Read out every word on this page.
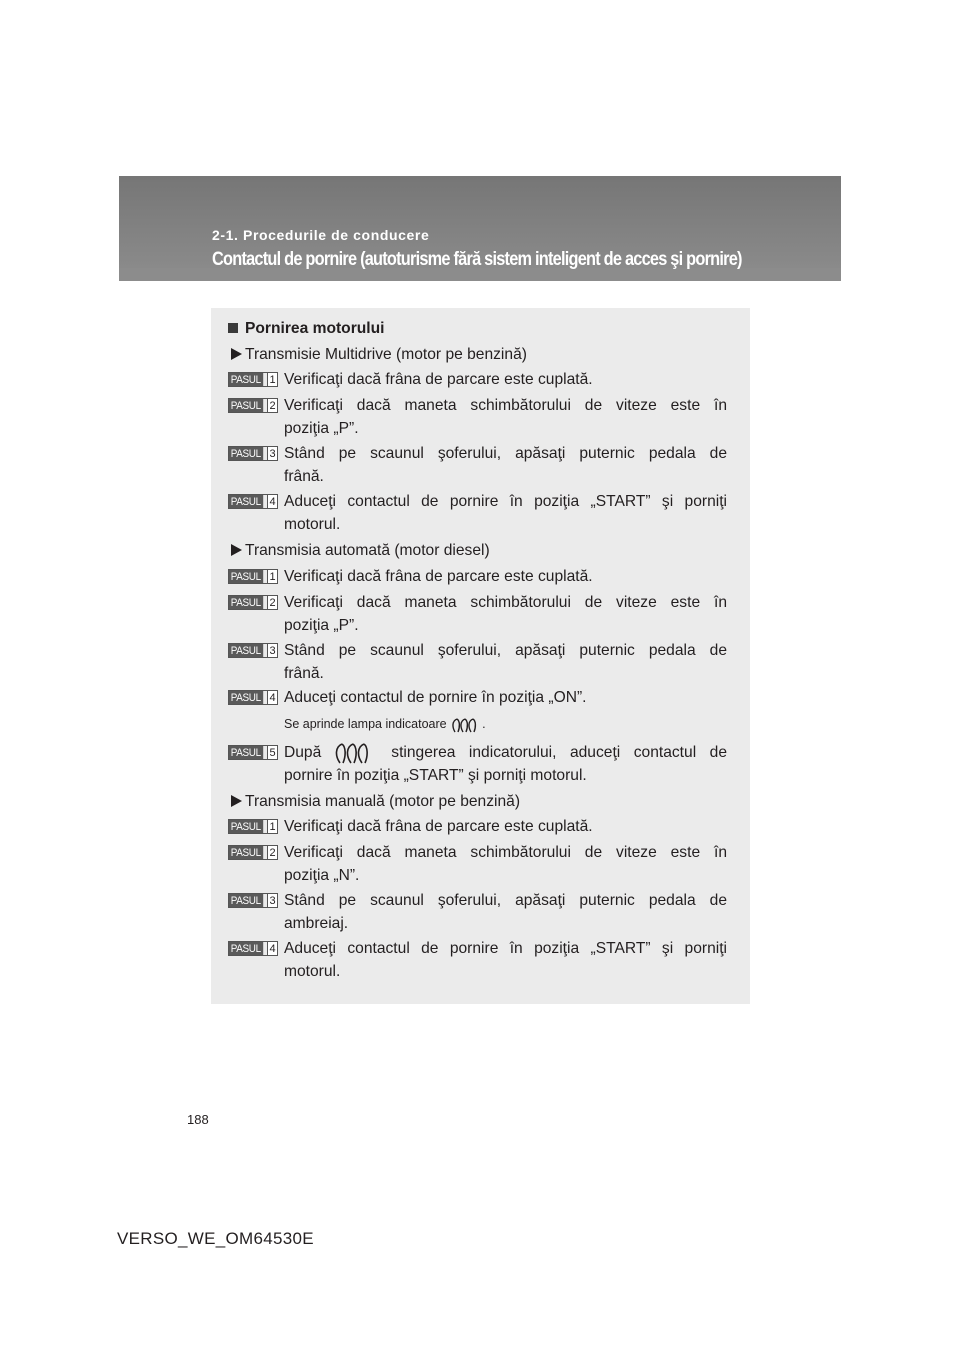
2-1. Procedurile de conducere
Contactul de pornire (autoturisme fără sistem inteligent de acces şi pornire)
Pornirea motorului
Transmisie Multidrive (motor pe benzină)
PASUL 1 Verificaţi dacă frâna de parcare este cuplată.
PASUL 2 Verificaţi dacă maneta schimbătorului de viteze este în
poziţia „P”.
PASUL 3 Stând pe scaunul şoferului, apăsaţi puternic pedala de
frână.
PASUL 4 Aduceţi contactul de pornire în poziţia „START” şi porniţi
motorul.
Transmisia automată (motor diesel)
PASUL 1 Verificaţi dacă frâna de parcare este cuplată.
PASUL 2 Verificaţi dacă maneta schimbătorului de viteze este în
poziţia „P”.
PASUL 3 Stând pe scaunul şoferului, apăsaţi puternic pedala de
frână.
PASUL 4 Aduceţi contactul de pornire în poziţia „ON”.
Se aprinde lampa indicatoare	.
PASUL 5 După	stingerea indicatorului, aduceţi contactul de
pornire în poziţia „START” şi porniţi motorul.
Transmisia manuală (motor pe benzină)
PASUL 1 Verificaţi dacă frâna de parcare este cuplată.
PASUL 2 Verificaţi dacă maneta schimbătorului de viteze este în
poziţia „N”.
PASUL 3 Stând pe scaunul şoferului, apăsaţi puternic pedala de
ambreiaj.
PASUL 4 Aduceţi contactul de pornire în poziţia „START” şi porniţi
motorul.
188
VERSO_WE_OM64530E
